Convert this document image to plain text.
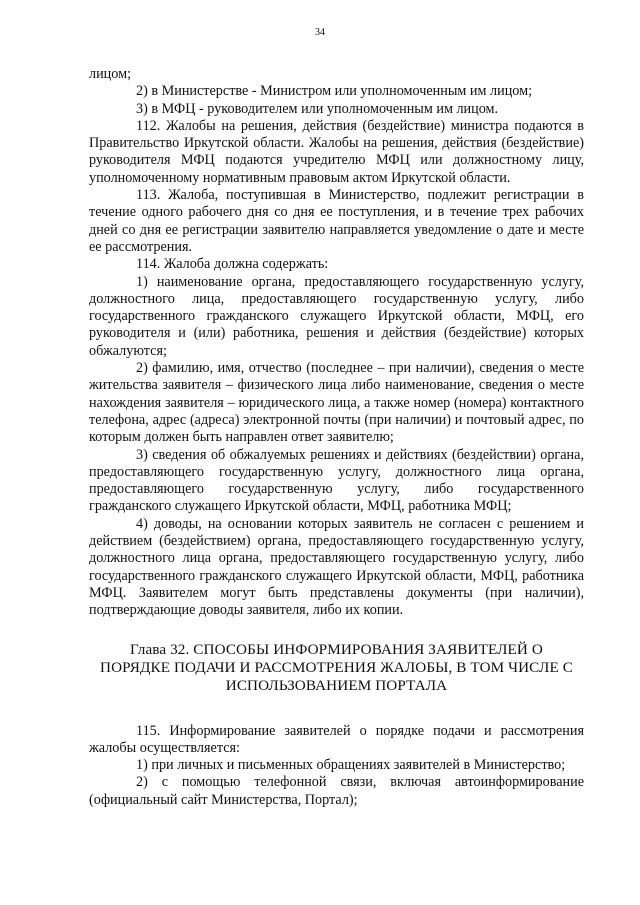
34

лицом;

2) в Министерстве - Министром или уполномоченным им лицом;

3) в МФЦ - руководителем или уполномоченным им лицом.

112. Жалобы на решения, действия (бездействие) министра подаются в Правительство Иркутской области. Жалобы на решения, действия (бездействие) руководителя МФЦ подаются учредителю МФЦ или должностному лицу, уполномоченному нормативным правовым актом Иркутской области.

113. Жалоба, поступившая в Министерство, подлежит регистрации в течение одного рабочего дня со дня ее поступления, и в течение трех рабочих дней со дня ее регистрации заявителю направляется уведомление о дате и месте ее рассмотрения.

114. Жалоба должна содержать:

1) наименование органа, предоставляющего государственную услугу, должностного лица, предоставляющего государственную услугу, либо государственного гражданского служащего Иркутской области, МФЦ, его руководителя и (или) работника, решения и действия (бездействие) которых обжалуются;

2) фамилию, имя, отчество (последнее – при наличии), сведения о месте жительства заявителя – физического лица либо наименование, сведения о месте нахождения заявителя – юридического лица, а также номер (номера) контактного телефона, адрес (адреса) электронной почты (при наличии) и почтовый адрес, по которым должен быть направлен ответ заявителю;

3) сведения об обжалуемых решениях и действиях (бездействии) органа, предоставляющего государственную услугу, должностного лица органа, предоставляющего государственную услугу, либо государственного гражданского служащего Иркутской области, МФЦ, работника МФЦ;

4) доводы, на основании которых заявитель не согласен с решением и действием (бездействием) органа, предоставляющего государственную услугу, должностного лица органа, предоставляющего государственную услугу, либо государственного гражданского служащего Иркутской области, МФЦ, работника МФЦ. Заявителем могут быть представлены документы (при наличии), подтверждающие доводы заявителя, либо их копии.

Глава 32. СПОСОБЫ ИНФОРМИРОВАНИЯ ЗАЯВИТЕЛЕЙ О

ПОРЯДКЕ ПОДАЧИ И РАССМОТРЕНИЯ ЖАЛОБЫ, В ТОМ ЧИСЛЕ С

ИСПОЛЬЗОВАНИЕМ ПОРТАЛА

115. Информирование заявителей о порядке подачи и рассмотрения жалобы осуществляется:

1) при личных и письменных обращениях заявителей в Министерство;

2) с помощью телефонной связи, включая автоинформирование (официальный сайт Министерства, Портал);
